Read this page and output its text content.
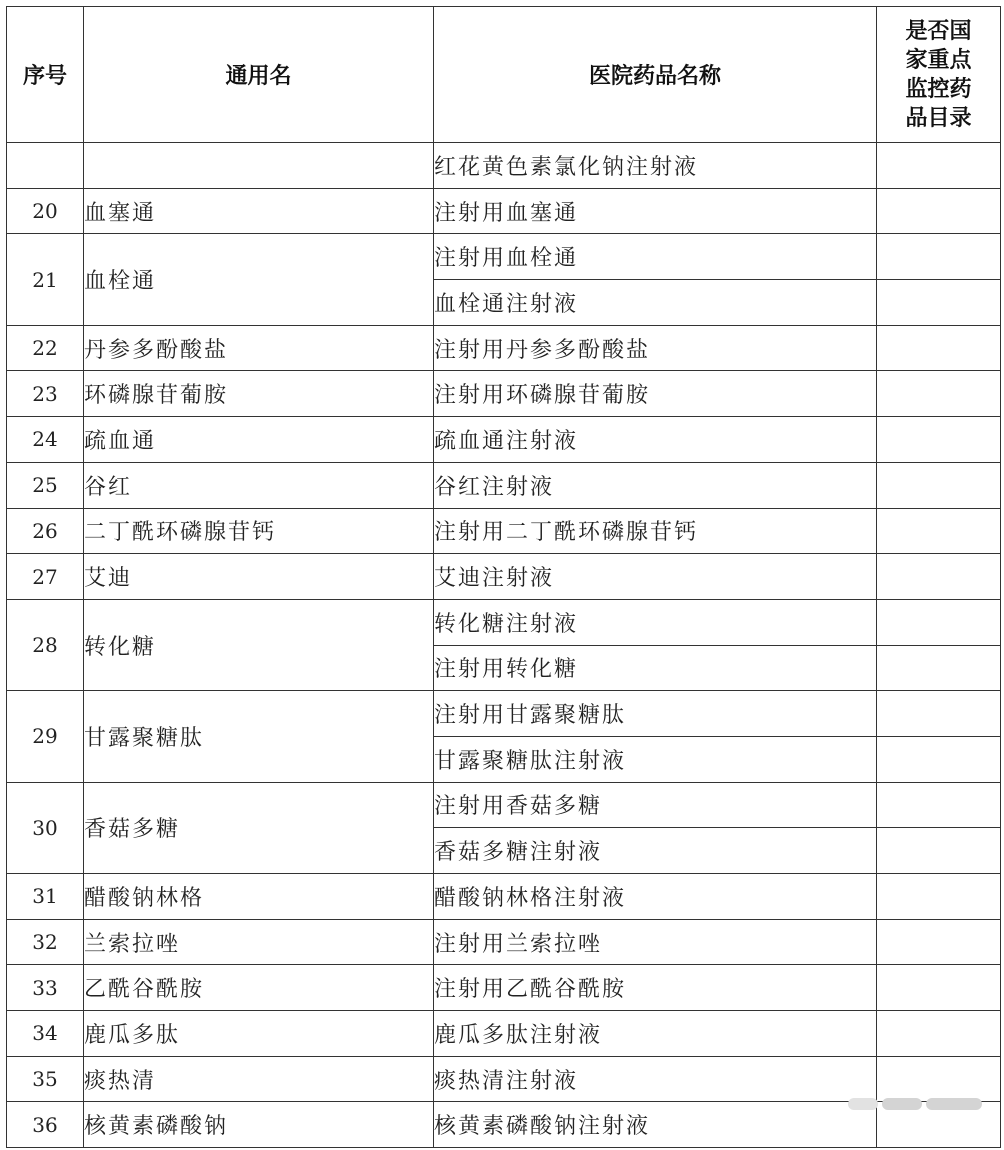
序号	通用名	医院药品名称	是否国
家重点
监控药
品目录

		红花黄色素氯化钠注射液	
20	血塞通	注射用血塞通	
21	血栓通	注射用血栓通	
		血栓通注射液	
22	丹参多酚酸盐	注射用丹参多酚酸盐	
23	环磷腺苷葡胺	注射用环磷腺苷葡胺	
24	疏血通	疏血通注射液	
25	谷红	谷红注射液	
26	二丁酰环磷腺苷钙	注射用二丁酰环磷腺苷钙	
27	艾迪	艾迪注射液	
28	转化糖	转化糖注射液	
		注射用转化糖	
29	甘露聚糖肽	注射用甘露聚糖肽	
		甘露聚糖肽注射液	
30	香菇多糖	注射用香菇多糖	
		香菇多糖注射液	
31	醋酸钠林格	醋酸钠林格注射液	
32	兰索拉唑	注射用兰索拉唑	
33	乙酰谷酰胺	注射用乙酰谷酰胺	
34	鹿瓜多肽	鹿瓜多肽注射液	
35	痰热清	痰热清注射液	
36	核黄素磷酸钠	核黄素磷酸钠注射液	
